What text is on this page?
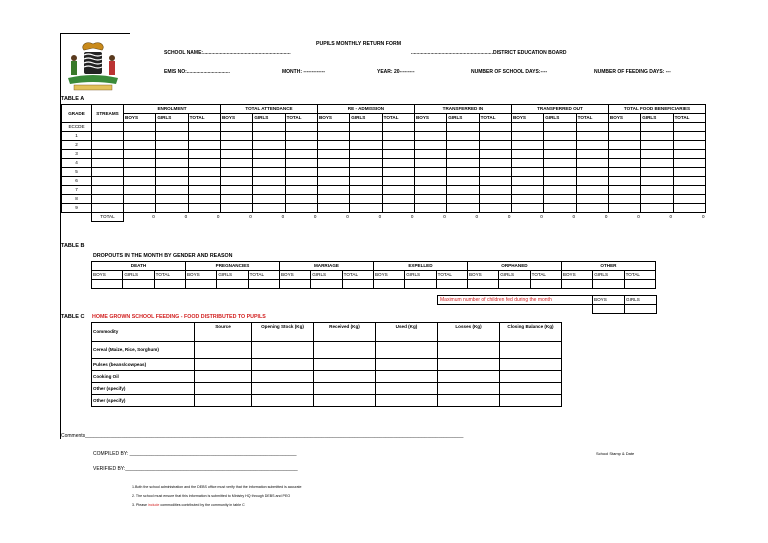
PUPILS MONTHLY RETURN FORM
SCHOOL NAME:...............................................................	...........................................................DISTRICT EDUCATION BOARD
EMIS NO:...............................	MONTH: -------------	YEAR: 20---------	NUMBER OF SCHOOL DAYS:----	NUMBER OF FEEDING DAYS: ---
TABLE A
GRADE	STREAMS	ENROLMENT			TOTAL ATTENDANCE			RE - ADMISSION			TRANSFERRED IN			TRANSFERRED OUT			TOTAL FOOD BENEFICIARIES		
		BOYS	GIRLS	TOTAL	BOYS	GIRLS	TOTAL	BOYS	GIRLS	TOTAL	BOYS	GIRLS	TOTAL	BOYS	GIRLS	TOTAL	BOYS	GIRLS	TOTAL
ECCDE																			
1																			
2																			
3																			
4																			
5																			
6																			
7																			
8																			
9																			
	TOTAL	0	0	0	0	0	0	0	0	0	0	0	0	0	0	0	0	0	0
TABLE B
DROPOUTS IN THE MONTH BY GENDER AND REASON
DEATH			PREGNANCIES			MARRIAGE			EXPELLED			ORPHANED			OTHER		
BOYS	GIRLS	TOTAL	BOYS	GIRLS	TOTAL	BOYS	GIRLS	TOTAL	BOYS	GIRLS	TOTAL	BOYS	GIRLS	TOTAL	BOYS	GIRLS	TOTAL

Maximum number of children fed during the month
		BOYS	GIRLS

TABLE C HOME GROWN SCHOOL FEEDING - FOOD DISTRIBUTED TO PUPILS
Commodity	Source	Opening Stock (Kg)	Received (Kg)	Used (Kg)	Losses (Kg)	Closing Balance (Kg)
Cereal (Maize, Rice, Sorghum)						
Pulses (beans/cowpeas)						
Cooking Oil						
Other (specify)						
Other (specify)						
Comments________________________________________________________________________________________________________________________________________
COMPILED BY: ____________________________________________________________	School Stamp & Date
VERIFIED BY:______________________________________________________________
1.Both the school administration and the DEBS office must verify that the information submitted is accurate
2. The school must ensure that this information is submitted to Ministry HQ through DEBS and PEO
3. Please include commodities contributed by the community in table C
